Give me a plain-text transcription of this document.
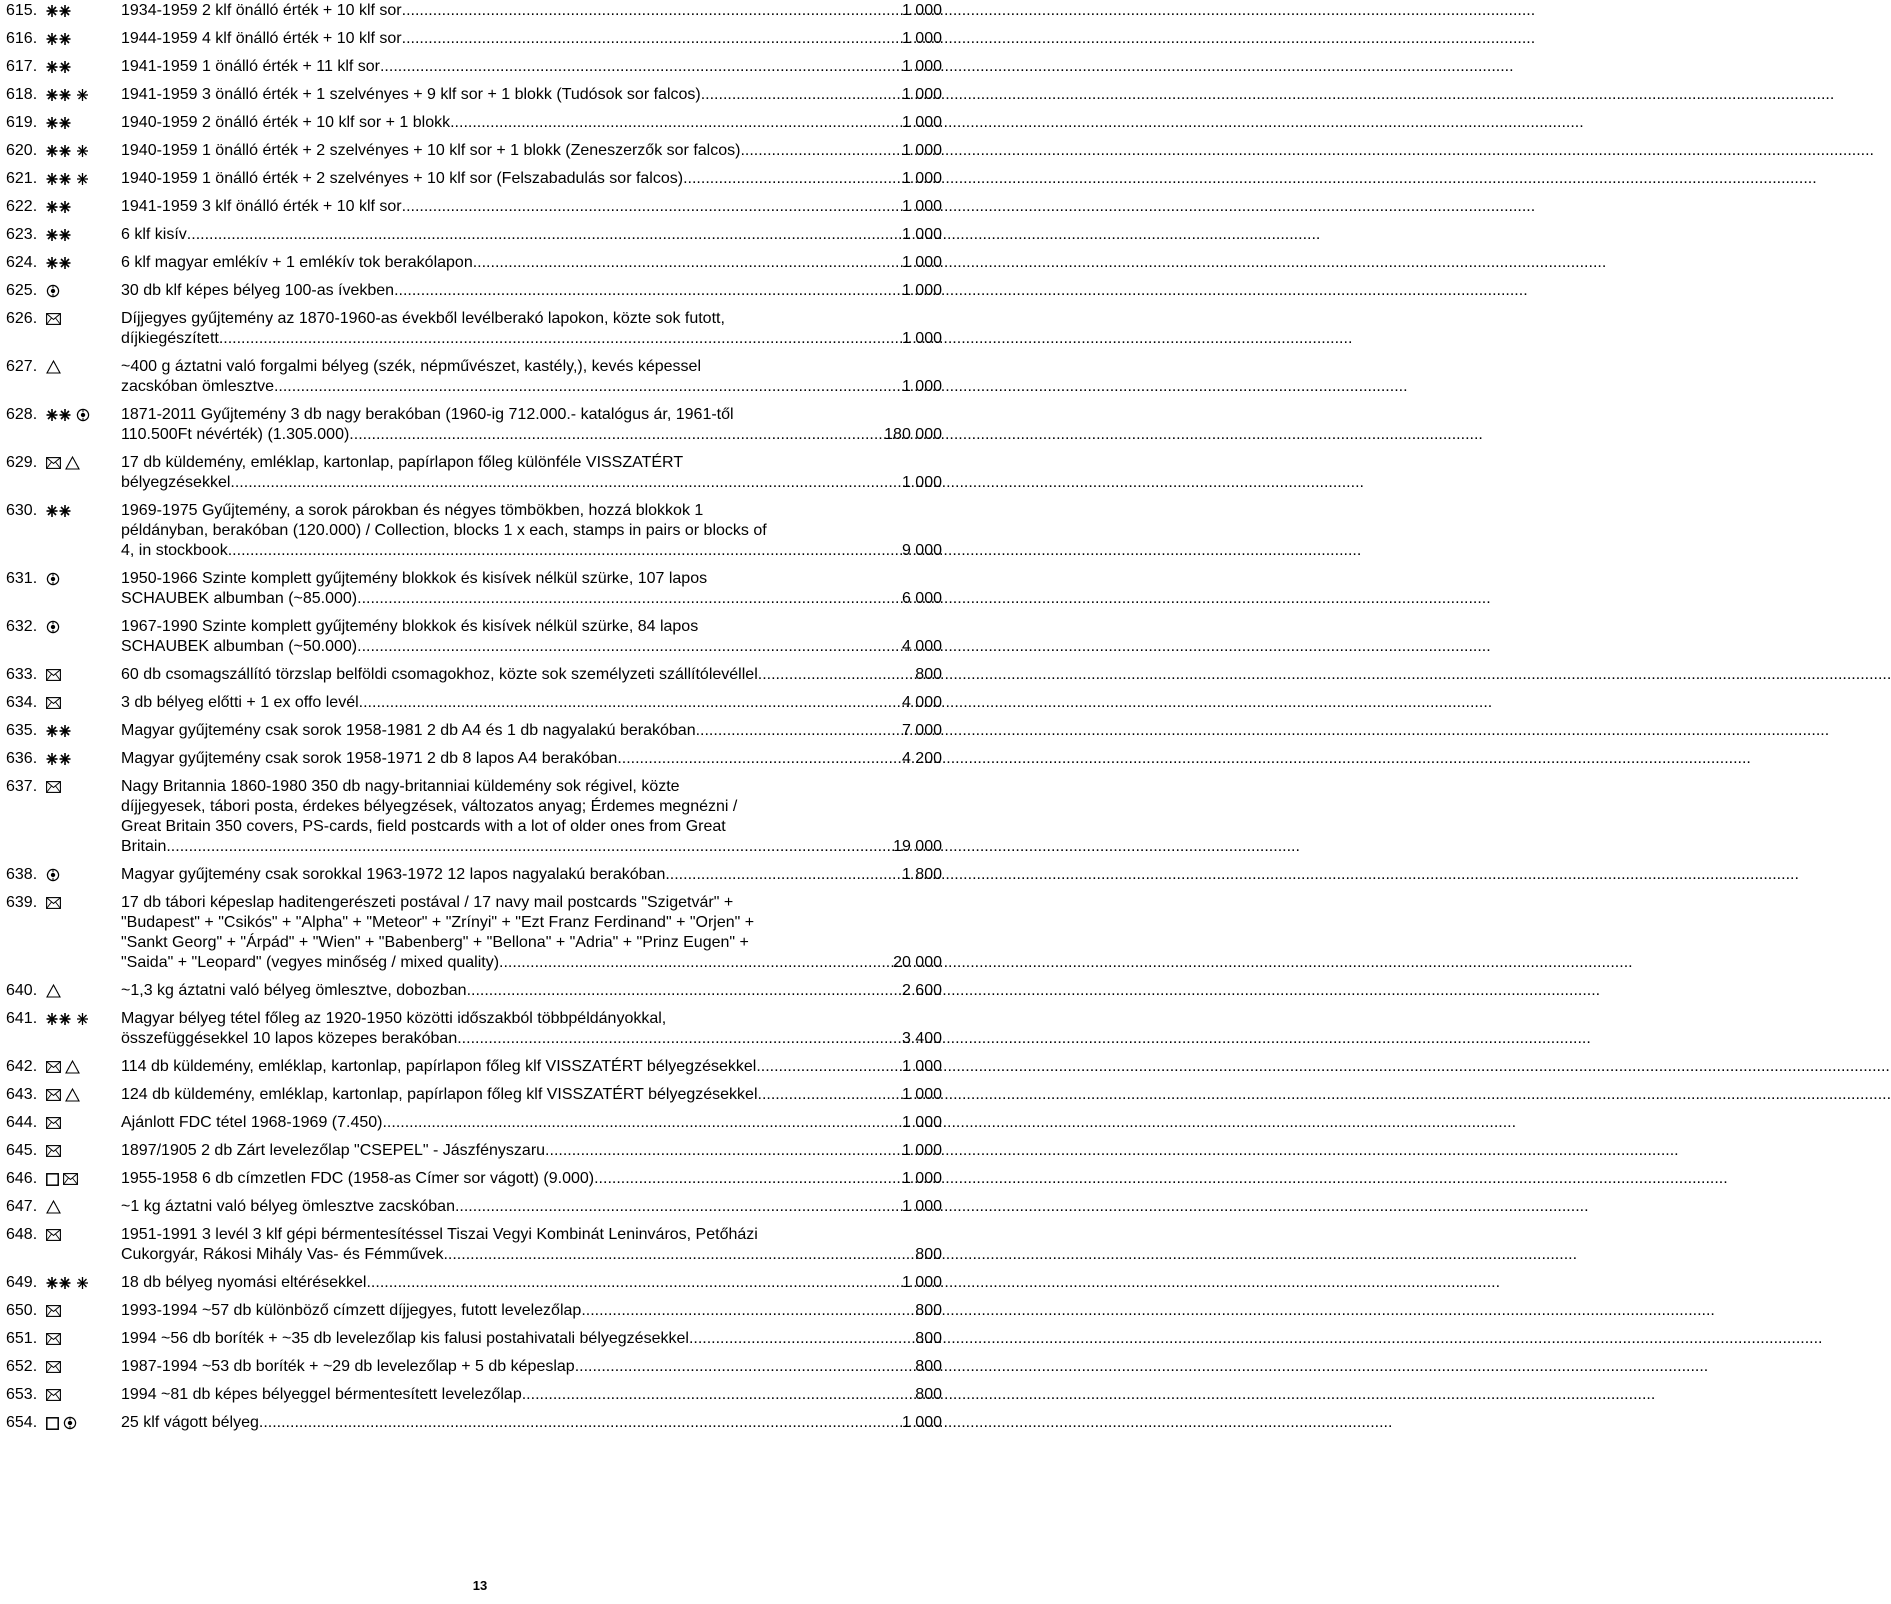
615.	1934-1959 2 klf önálló érték + 10 klf sor .....	1 000
616.	1944-1959 4 klf önálló érték + 10 klf sor .....	1 000
617.	1941-1959 1 önálló érték + 11 klf sor .....	1 000
618.	1941-1959 3 önálló érték + 1 szelvényes + 9 klf sor + 1 blokk (Tudósok sor falcos) .....	1 000
619.	1940-1959 2 önálló érték + 10 klf sor + 1 blokk .....	1 000
620.	1940-1959 1 önálló érték + 2 szelvényes + 10 klf sor + 1 blokk (Zeneszerzők sor falcos) .....	1 000
621.	1940-1959 1 önálló érték + 2 szelvényes + 10 klf sor (Felszabadulás sor falcos) .....	1 000
622.	1941-1959 3 klf önálló érték + 10 klf sor .....	1 000
623.	6 klf kisív .....	1 000
624.	6 klf magyar emlékív + 1 emlékív tok berakólapon .....	1 000
625.	30 db klf képes bélyeg 100-as ívekben .....	1 000
626.	Díjjegyes gyűjtemény az 1870-1960-as évekből levélberakó lapokon, közte sok futott,
díjkiegészített .....	1 000
627.	~400 g áztatni való forgalmi bélyeg (szék, népművészet, kastély,), kevés képessel
zacskóban ömlesztve .....	1 000
628.	1871-2011 Gyűjtemény 3 db nagy berakóban (1960-ig 712.000.- katalógus ár, 1961-től
110.500Ft névérték) (1.305.000) .....	180 000
629.	17 db küldemény, emléklap, kartonlap, papírlapon főleg különféle VISSZATÉRT
bélyegzésekkel .....	1 000
630.	1969-1975 Gyűjtemény, a sorok párokban és négyes tömbökben, hozzá blokkok 1
példányban, berakóban (120.000) / Collection, blocks 1 x each, stamps in pairs or blocks of
4, in stockbook .....	9 000
631.	1950-1966 Szinte komplett gyűjtemény blokkok és kisívek nélkül szürke, 107 lapos
SCHAUBEK albumban (~85.000) .....	6 000
632.	1967-1990 Szinte komplett gyűjtemény blokkok és kisívek nélkül szürke, 84 lapos
SCHAUBEK albumban (~50.000) .....	4 000
633.	60 db csomagszállító törzslap belföldi csomagokhoz, közte sok személyzeti szállítólevéllel .....	800
634.	3 db bélyeg előtti + 1 ex offo levél .....	4 000
635.	Magyar gyűjtemény csak sorok 1958-1981 2 db A4 és 1 db nagyalakú berakóban .....	7 000
636.	Magyar gyűjtemény csak sorok 1958-1971 2 db 8 lapos A4 berakóban .....	4 200
637.	Nagy Britannia 1860-1980 350 db nagy-britanniai küldemény sok régivel, közte
díjjegyesek, tábori posta, érdekes bélyegzések, változatos anyag; Érdemes megnézni /
Great Britain 350 covers, PS-cards, field postcards with a lot of older ones from Great
Britain .....	19 000
638.	Magyar gyűjtemény csak sorokkal 1963-1972 12 lapos nagyalakú berakóban .....	1 800
639.	17 db tábori képeslap haditengerészeti postával / 17 navy mail postcards "Szigetvár" +
"Budapest" + "Csikós" + "Alpha" + "Meteor" + "Zrínyi" + "Ezt Franz Ferdinand" + "Orjen" +
"Sankt Georg" + "Árpád" + "Wien" + "Babenberg" + "Bellona" + "Adria" + "Prinz Eugen" +
"Saida" + "Leopard" (vegyes minőség / mixed quality) .....	20 000
640.	~1,3 kg áztatni való bélyeg ömlesztve, dobozban .....	2 600
641.	Magyar bélyeg tétel főleg az 1920-1950 közötti időszakból többpéldányokkal,
összefüggésekkel 10 lapos közepes berakóban .....	3 400
642.	114 db küldemény, emléklap, kartonlap, papírlapon főleg klf VISSZATÉRT bélyegzésekkel .....	1 000
643.	124 db küldemény, emléklap, kartonlap, papírlapon főleg klf VISSZATÉRT bélyegzésekkel .....	1 000
644.	Ajánlott FDC tétel 1968-1969 (7.450) .....	1 000
645.	1897/1905 2 db Zárt levelezőlap "CSEPEL" - Jászfényszaru .....	1 000
646.	1955-1958 6 db címzetlen FDC (1958-as Címer sor vágott) (9.000) .....	1 000
647.	~1 kg áztatni való bélyeg ömlesztve zacskóban .....	1 000
648.	1951-1991 3 levél 3 klf gépi bérmentesítéssel Tiszai Vegyi Kombinát Leninváros, Petőházi
Cukorgyár, Rákosi Mihály Vas- és Fémművek .....	800
649.	18 db bélyeg nyomási eltérésekkel .....	1 000
650.	1993-1994 ~57 db különböző címzett díjjegyes, futott levelezőlap .....	800
651.	1994 ~56 db boríték + ~35 db levelezőlap kis falusi postahivatali bélyegzésekkel .....	800
652.	1987-1994 ~53 db boríték + ~29 db levelezőlap + 5 db képeslap .....	800
653.	1994 ~81 db képes bélyeggel bérmentesített levelezőlap .....	800
654.	25 klf vágott bélyeg .....	1 000
13
